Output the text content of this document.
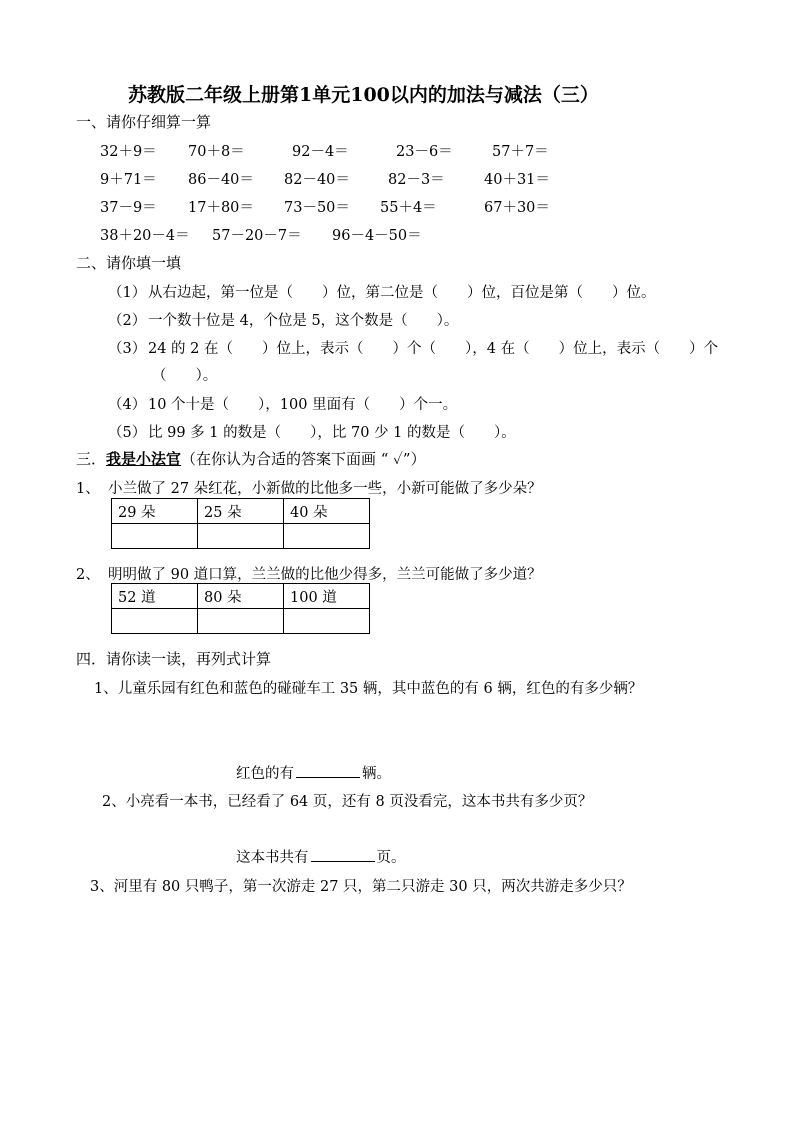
苏教版二年级上册第1单元100以内的加法与减法（三）
一、请你仔细算一算
32＋9＝ 70＋8＝	92－4＝	23－6＝	57＋7＝
9＋71＝ 86－40＝ 82－40＝	82－3＝	40＋31＝
37－9＝ 17＋80＝ 73－50＝ 55＋4＝	67＋30＝
38＋20－4＝ 57－20－7＝ 96－4－50＝
二、请你填一填
（1） 从右边起，第一位是（　　）位，第二位是（　　）位，百位是第（　　）位。
（2） 一个数十位是 4，个位是 5，这个数是（　　）。
（3） 24 的 2 在（　　）位上，表示（　　）个（　　），4 在（　　）位上，表示（　　）个
（　　）。
（4） 10 个十是（　　），100 里面有（　　）个一。
（5） 比 99 多 1 的数是（　　），比 70 少 1 的数是（　　）。
三．我是小法官（在你认为合适的答案下面画 “ ✓”）
1、 小兰做了 27 朵红花，小新做的比他多一些，小新可能做了多少朵？
29 朵	25 朵	40 朵

2、 明明做了 90 道口算，兰兰做的比他少得多，兰兰可能做了多少道？
52 道	80 朵	100 道

四．请你读一读，再列式计算
1、儿童乐园有红色和蓝色的碰碰车工 35 辆，其中蓝色的有 6 辆，红色的有多少辆？
红色的有	辆。
2、小亮看一本书，已经看了 64 页，还有 8 页没看完，这本书共有多少页？
这本书共有	页。
3、河里有 80 只鸭子，第一次游走 27 只，第二只游走 30 只，两次共游走多少只？
